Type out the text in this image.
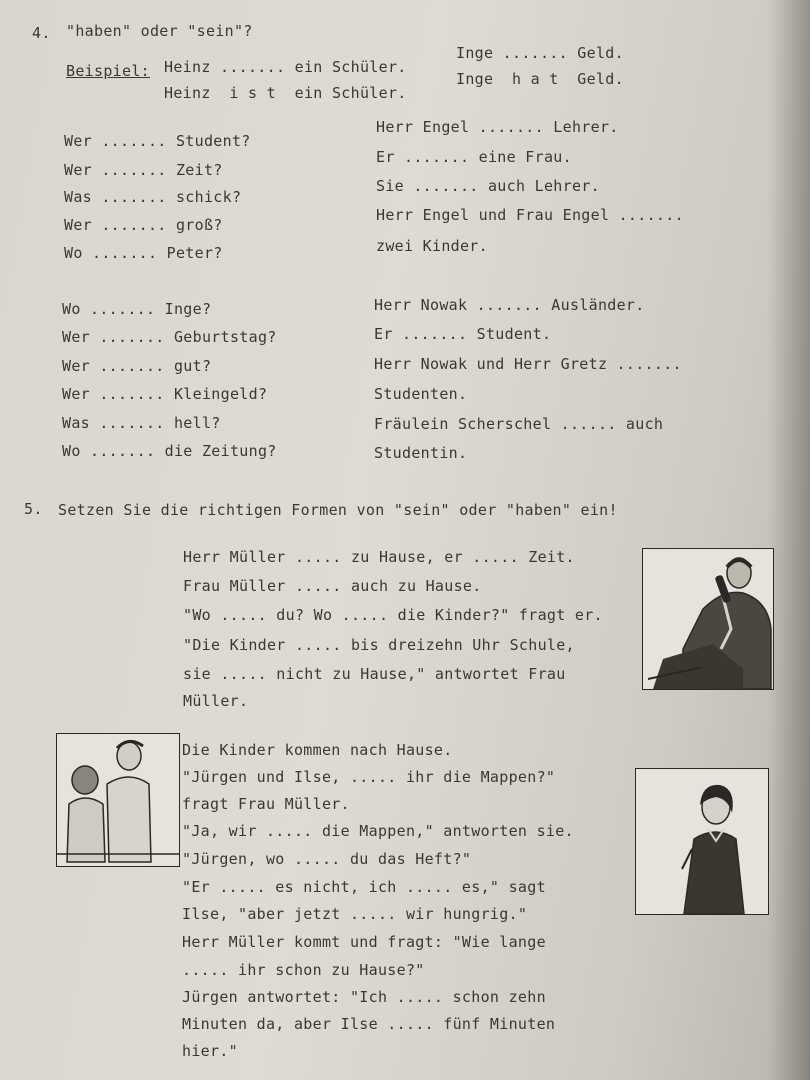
4. "haben" oder "sein"?
Beispiel: Heinz ....... ein Schüler.
Inge ....... Geld.
Heinz  i s t  ein Schüler.
Inge  h a t  Geld.
Wer ....... Student?
Wer ....... Zeit?
Was ....... schick?
Wer ....... groß?
Wo ....... Peter?
Herr Engel ....... Lehrer.
Er ....... eine Frau.
Sie ....... auch Lehrer.
Herr Engel und Frau Engel .......
zwei Kinder.
Wo ....... Inge?
Wer ....... Geburtstag?
Wer ....... gut?
Wer ....... Kleingeld?
Was ....... hell?
Wo ....... die Zeitung?
Herr Nowak ....... Ausländer.
Er ....... Student.
Herr Nowak und Herr Gretz .......
Studenten.
Fräulein Scherschel ...... auch
Studentin.
5. Setzen Sie die richtigen Formen von "sein" oder "haben" ein!
Herr Müller ..... zu Hause, er ..... Zeit.
Frau Müller ..... auch zu Hause.
"Wo ..... du? Wo ..... die Kinder?" fragt er.
"Die Kinder ..... bis dreizehn Uhr Schule,
sie ..... nicht zu Hause," antwortet Frau
Müller.
Die Kinder kommen nach Hause.
"Jürgen und Ilse, ..... ihr die Mappen?"
fragt Frau Müller.
"Ja, wir ..... die Mappen," antworten sie.
"Jürgen, wo ..... du das Heft?"
"Er ..... es nicht, ich ..... es," sagt
Ilse, "aber jetzt ..... wir hungrig."
Herr Müller kommt und fragt: "Wie lange
..... ihr schon zu Hause?"
Jürgen antwortet: "Ich ..... schon zehn
Minuten da, aber Ilse ..... fünf Minuten
hier."
